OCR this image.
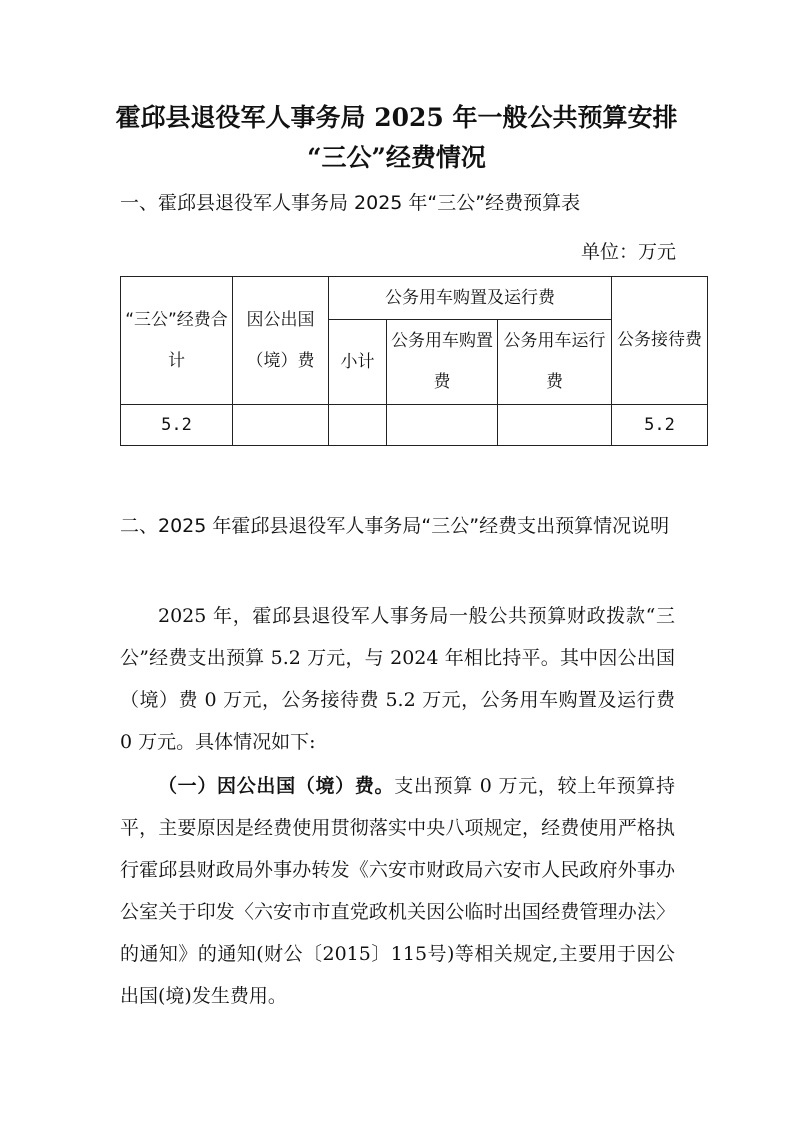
霍邱县退役军人事务局 2025 年一般公共预算安排
“三公”经费情况
一、霍邱县退役军人事务局 2025 年“三公”经费预算表
单位：万元
“三公”经费合计	因公出国（境）费	公务用车购置及运行费			公务接待费
		小计	公务用车购置费	公务用车运行费	
5.2					5.2
二、2025 年霍邱县退役军人事务局“三公”经费支出预算情况说明

2025 年，霍邱县退役军人事务局一般公共预算财政拨款“三公”经费支出预算 5.2 万元，与 2024 年相比持平。其中因公出国（境）费 0 万元，公务接待费 5.2 万元，公务用车购置及运行费 0 万元。具体情况如下:

（一）因公出国（境）费。支出预算 0 万元，较上年预算持平，主要原因是经费使用贯彻落实中央八项规定，经费使用严格执行霍邱县财政局外事办转发《六安市财政局六安市人民政府外事办公室关于印发〈六安市市直党政机关因公临时出国经费管理办法〉的通知》的通知(财公〔2015〕115号)等相关规定,主要用于因公出国(境)发生费用。
